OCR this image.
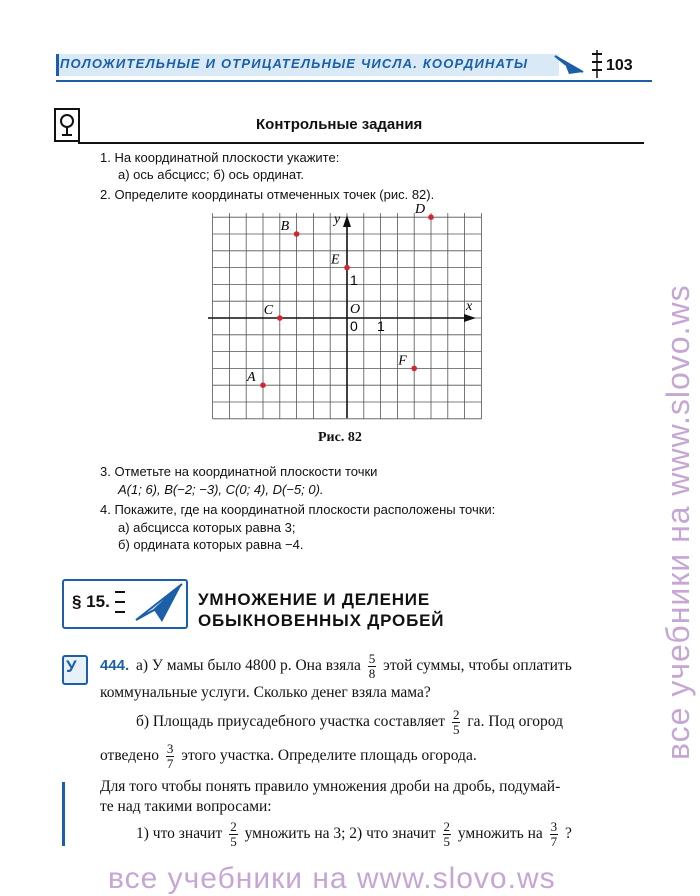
ПОЛОЖИТЕЛЬНЫЕ И ОТРИЦАТЕЛЬНЫЕ ЧИСЛА. КООРДИНАТЫ	103
Контрольные задания
1. На координатной плоскости укажите:
а) ось абсцисс; б) ось ординат.
2. Определите координаты отмеченных точек (рис. 82).
x
y
O
0 1
1
A
B
C
D
E
F
Рис. 82
3. Отметьте на координатной плоскости точки
A(1; 6), B(−2; −3), C(0; 4), D(−5; 0).
4. Покажите, где на координатной плоскости расположены точки:
а) абсцисса которых равна 3;
б) ордината которых равна −4.
§ 15.	УМНОЖЕНИЕ И ДЕЛЕНИЕ
ОБЫКНОВЕННЫХ ДРОБЕЙ
У 444. а) У мамы было 4800 р. Она взяла $\frac{5}{8}$ этой суммы, чтобы оплатить
коммунальные услуги. Сколько денег взяла мама?
б) Площадь приусадебного участка составляет $\frac{2}{5}$ га. Под огород
отведено $\frac{3}{7}$ этого участка. Определите площадь огорода.
Для того чтобы понять правило умножения дроби на дробь, подумай-
те над такими вопросами:
1) что значит $\frac{2}{5}$ умножить на 3; 2) что значит $\frac{2}{5}$ умножить на $\frac{3}{7}$ ?
все учебники на www.slovo.ws
все учебники на www.slovo.ws
